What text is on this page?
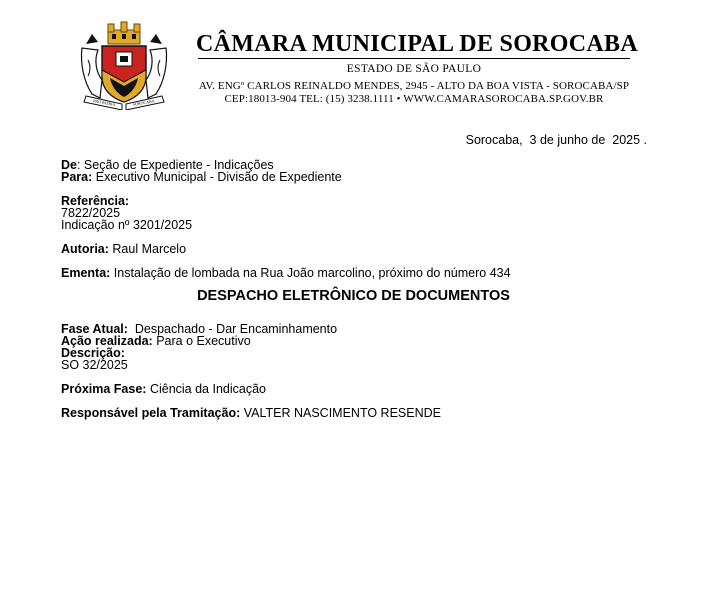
PRO PATRIA	SOROCABA
CÂMARA MUNICIPAL DE SOROCABA
ESTADO DE SÃO PAULO
AV. ENGº CARLOS REINALDO MENDES, 2945 - ALTO DA BOA VISTA - SOROCABA/SP
CEP:18013-904 TEL: (15) 3238.1111 • WWW.CAMARASOROCABA.SP.GOV.BR
Sorocaba,  3 de junho de  2025 .
De: Seção de Expediente - Indicações
Para: Executivo Municipal - Divisão de Expediente
Referência:
7822/2025
Indicação nº 3201/2025
Autoria: Raul Marcelo
Ementa: Instalação de lombada na Rua João marcolino, próximo do número 434
DESPACHO ELETRÔNICO DE DOCUMENTOS
Fase Atual:  Despachado - Dar Encaminhamento
Ação realizada: Para o Executivo
Descrição:
SO 32/2025
Próxima Fase: Ciência da Indicação
Responsável pela Tramitação: VALTER NASCIMENTO RESENDE
